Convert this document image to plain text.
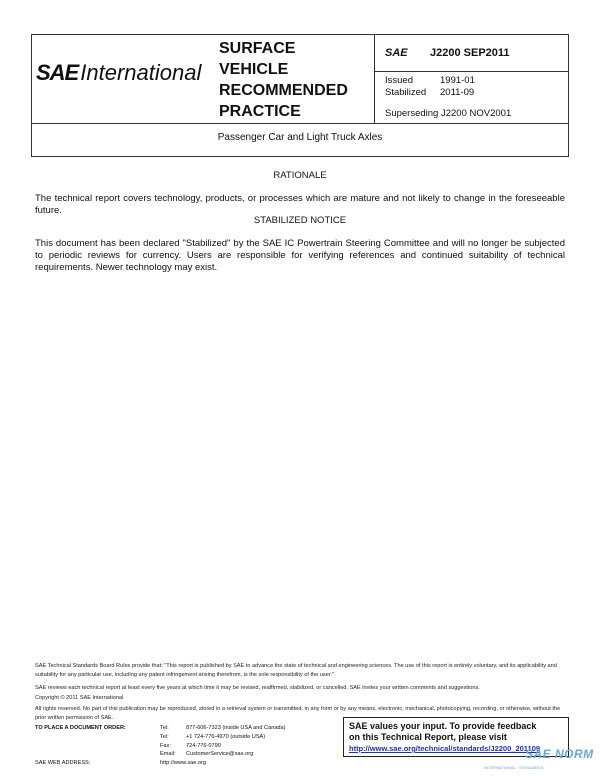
SAE International
SURFACE
VEHICLE
RECOMMENDED
PRACTICE
SAE J2200 SEP2011
Issued	1991-01
Stabilized 2011-09
Superseding J2200 NOV2001
Passenger Car and Light Truck Axles
RATIONALE
The technical report covers technology, products, or processes which are mature and not likely to change in the foreseeable future.
STABILIZED NOTICE
This document has been declared "Stabilized" by the SAE IC Powertrain Steering Committee and will no longer be subjected to periodic reviews for currency. Users are responsible for verifying references and continued suitability of technical requirements. Newer technology may exist.
SAE Technical Standards Board Rules provide that: "This report is published by SAE to advance the state of technical and engineering sciences. The use of this report is entirely voluntary, and its applicability and suitability for any particular use, including any patent infringement arising therefrom, is the sole responsibility of the user."
SAE reviews each technical report at least every five years at which time it may be revised, reaffirmed, stabilized, or cancelled. SAE invites your written comments and suggestions.
Copyright © 2011 SAE International
All rights reserved. No part of this publication may be reproduced, stored in a retrieval system or transmitted, in any form or by any means, electronic, mechanical, photocopying, recording, or otherwise, without the prior written permission of SAE.
TO PLACE A DOCUMENT ORDER:	Tel:	877-606-7323 (inside USA and Canada)
Tel:	+1 724-776-4970 (outside USA)
Fax:	724-776-0790
Email: CustomerService@sae.org
SAE WEB ADDRESS:	http://www.sae.org
SAE values your input. To provide feedback
on this Technical Report, please visit
http://www.sae.org/technical/standards/J2200_201109
SAE NORM
INTERNATIONAL · STANDARDS
